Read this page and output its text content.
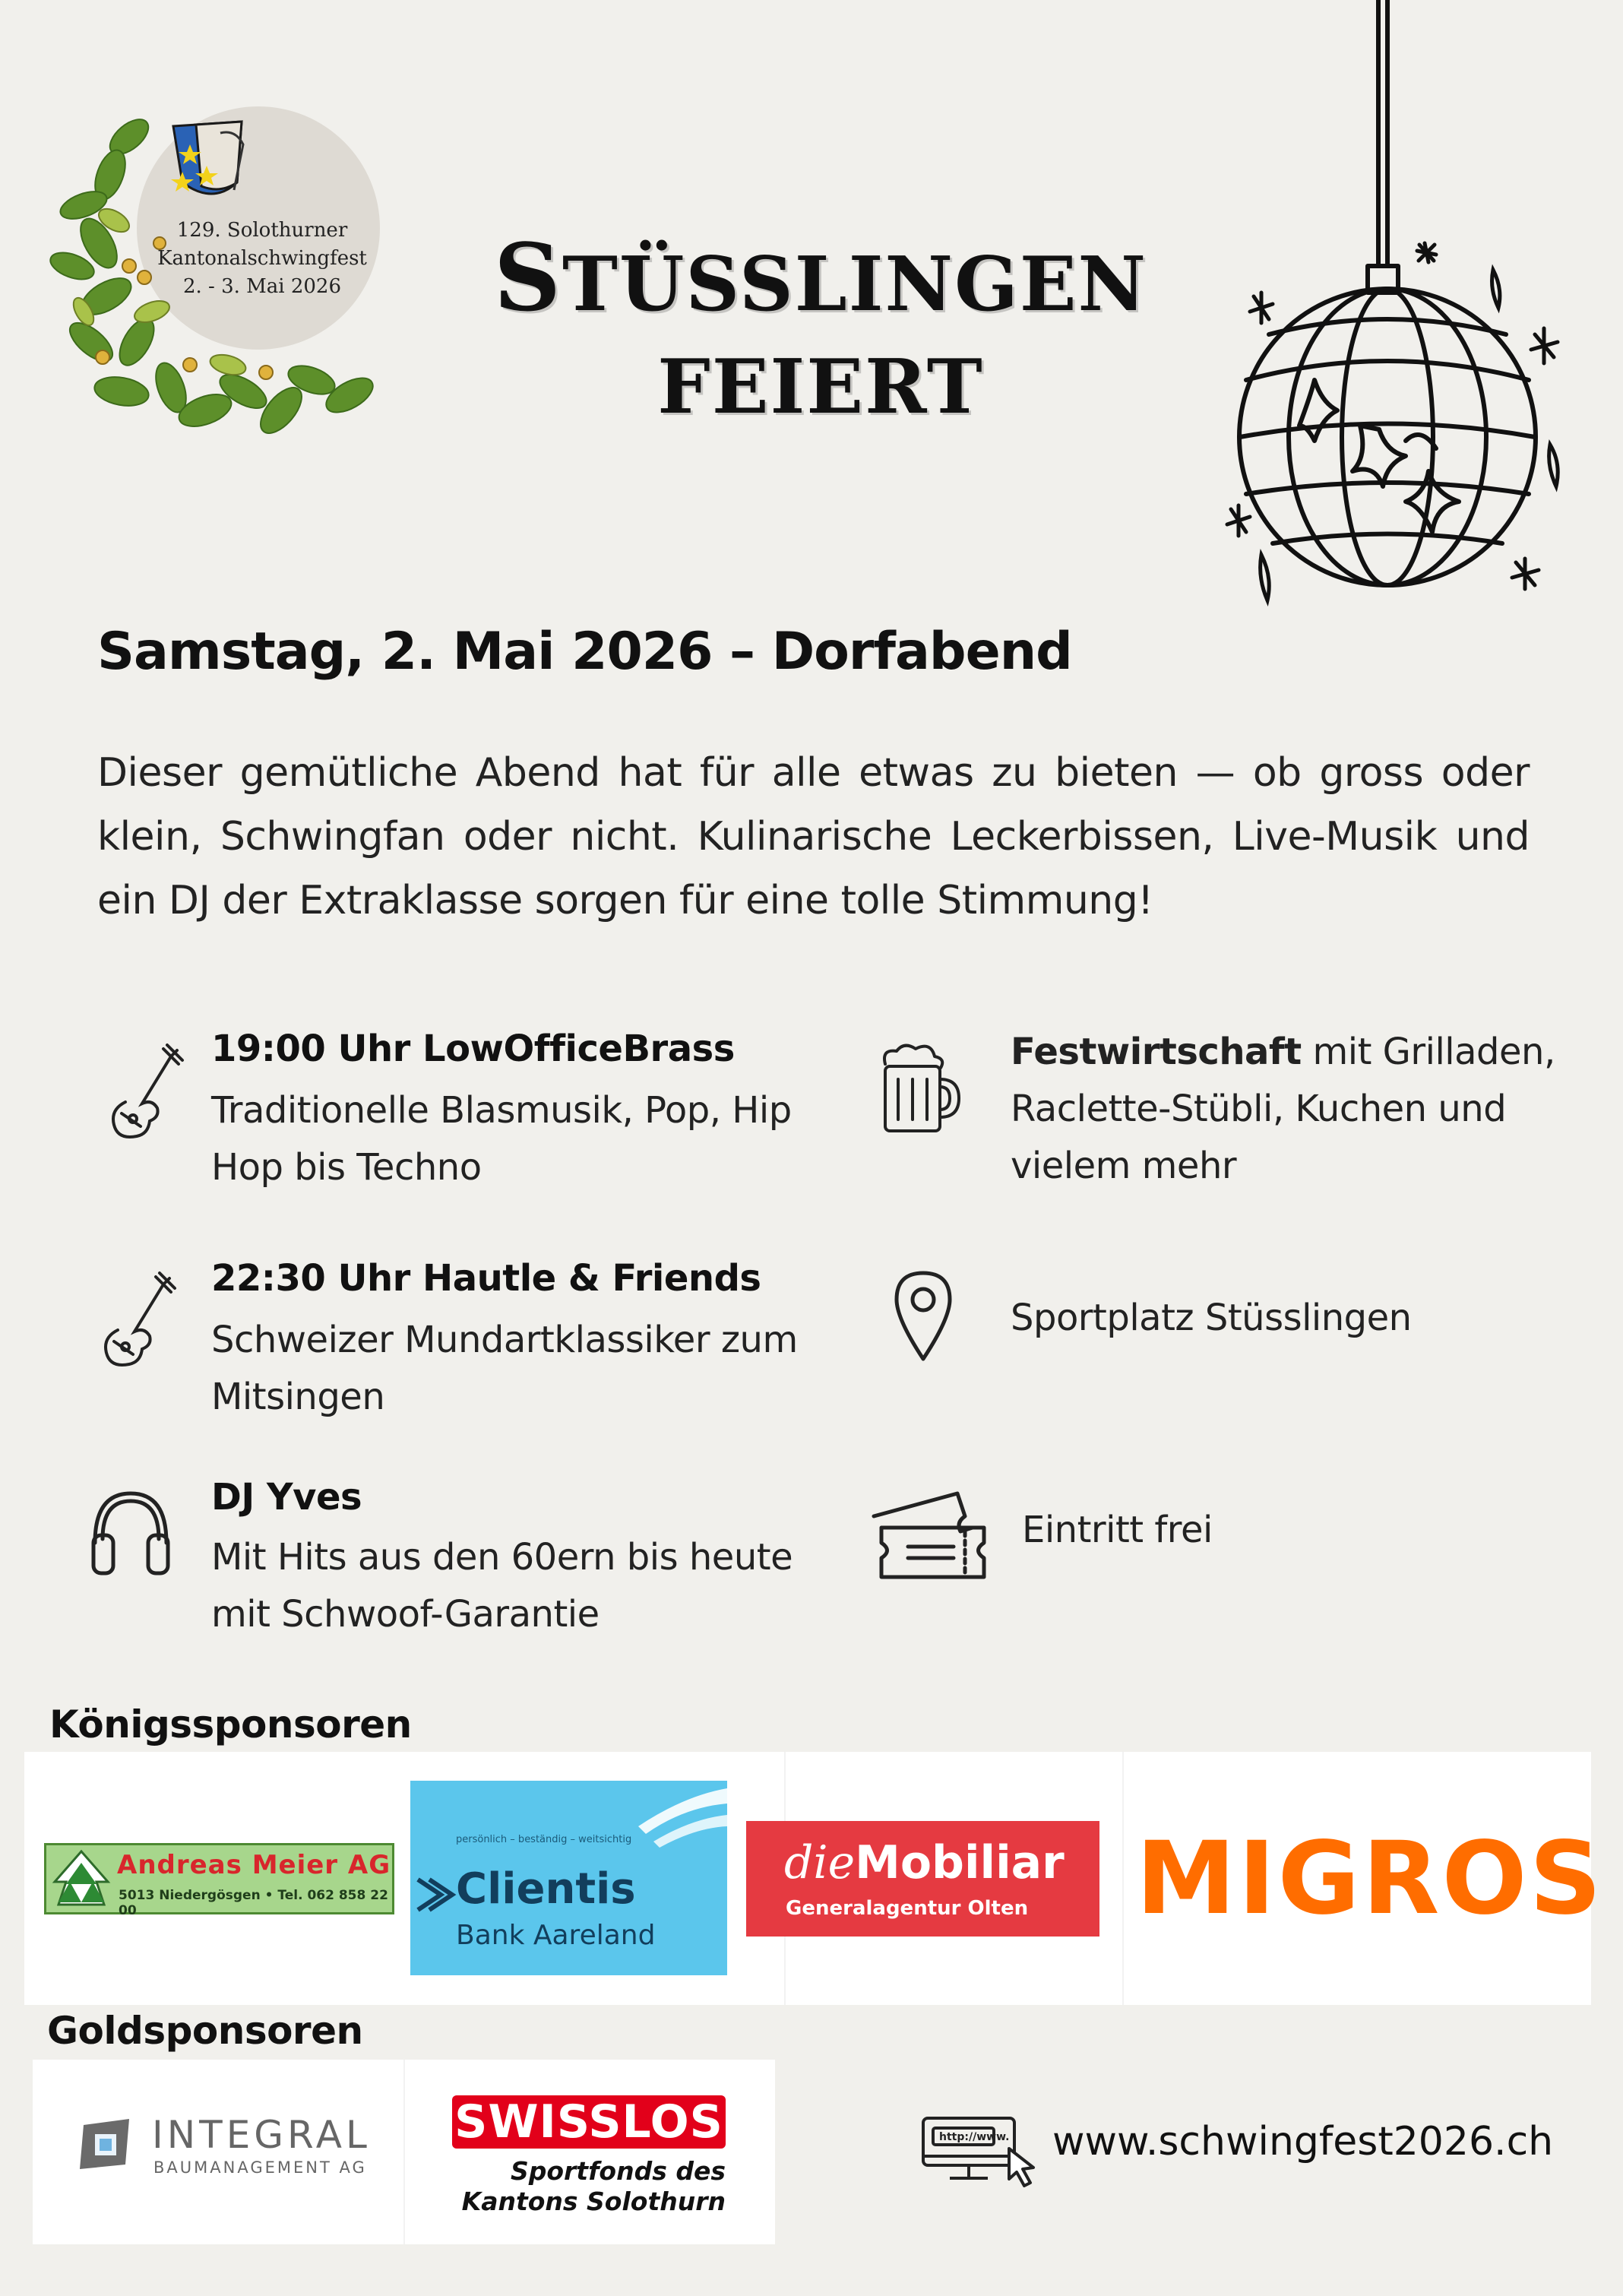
129. Solothurner
Kantonalschwingfest
2. - 3. Mai 2026	STÜSSLINGEN
FEIERT
Samstag, 2. Mai 2026 – Dorfabend
Dieser gemütliche Abend hat für alle etwas zu bieten — ob gross oder klein, Schwingfan oder nicht. Kulinarische Leckerbissen, Live-Musik und ein DJ der Extraklasse sorgen für eine tolle Stimmung!
19:00 Uhr LowOfficeBrass
Traditionelle Blasmusik, Pop, Hip
Hop bis Techno
22:30 Uhr Hautle & Friends
Schweizer Mundartklassiker zum
Mitsingen
DJ Yves
Mit Hits aus den 60ern bis heute
mit Schwoof-Garantie
Festwirtschaft mit Grilladen,
Raclette-Stübli, Kuchen und
vielem mehr
Sportplatz Stüsslingen
Eintritt frei
Königssponsoren
Andreas Meier AG
5013 Niedergösgen • Tel. 062 858 22 00
persönlich – beständig – weitsichtig
Clientis
Bank Aareland
dieMobiliar
Generalagentur Olten MIGROS
Goldsponsoren
INTEGRAL
BAUMANAGEMENT AG
SWISSLOS
Sportfonds des
Kantons Solothurn
http://www. www.schwingfest2026.ch
